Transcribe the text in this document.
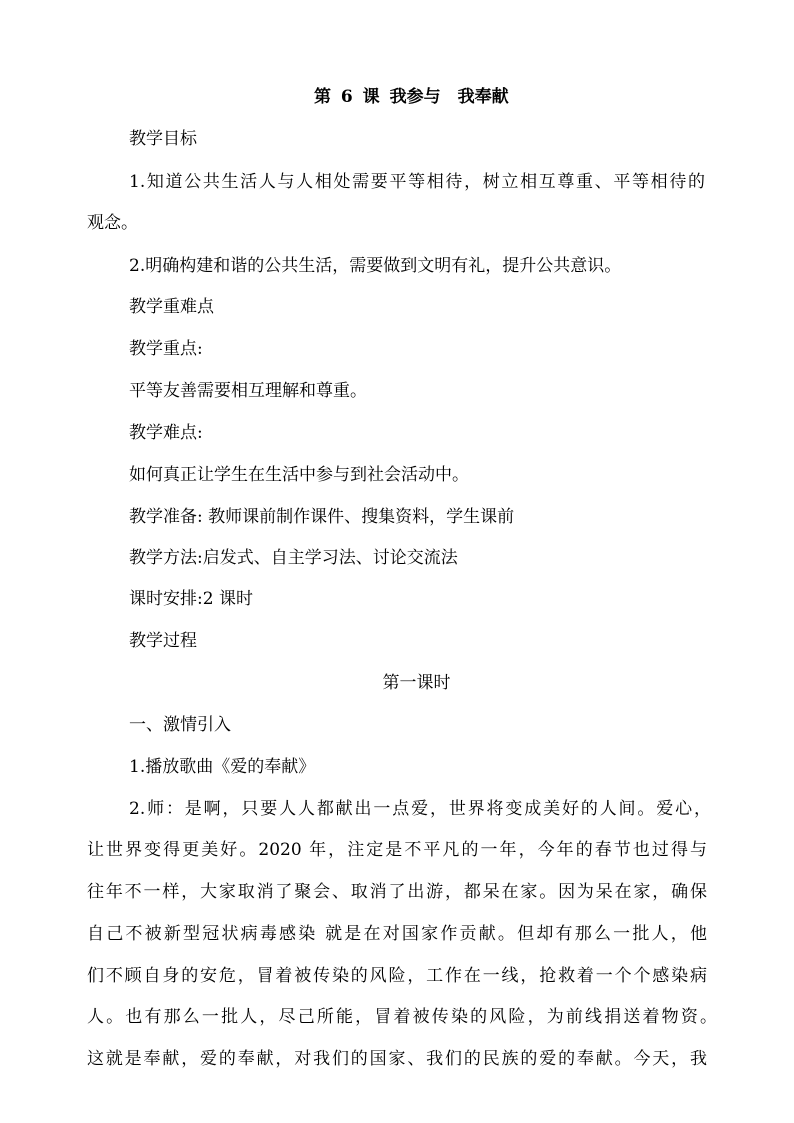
第 6 课 我参与　我奉献
教学目标
1.知道公共生活人与人相处需要平等相待，树立相互尊重、平等相待的
观念。
2.明确构建和谐的公共生活，需要做到文明有礼，提升公共意识。
教学重难点
教学重点:
平等友善需要相互理解和尊重。
教学难点:
如何真正让学生在生活中参与到社会活动中。
教学准备: 教师课前制作课件、搜集资料，学生课前
教学方法:启发式、自主学习法、讨论交流法
课时安排:2 课时
教学过程
第一课时
一、激情引入
1.播放歌曲《爱的奉献》
2.师：是啊，只要人人都献出一点爱，世界将变成美好的人间。爱心，
让世界变得更美好。2020 年，注定是不平凡的一年，今年的春节也过得与
往年不一样，大家取消了聚会、取消了出游，都呆在家。因为呆在家，确保
自己不被新型冠状病毒感染 就是在对国家作贡献。但却有那么一批人，他
们不顾自身的安危，冒着被传染的风险，工作在一线，抢救着一个个感染病
人。也有那么一批人，尽己所能，冒着被传染的风险，为前线捐送着物资。
这就是奉献，爱的奉献，对我们的国家、我们的民族的爱的奉献。今天，我
